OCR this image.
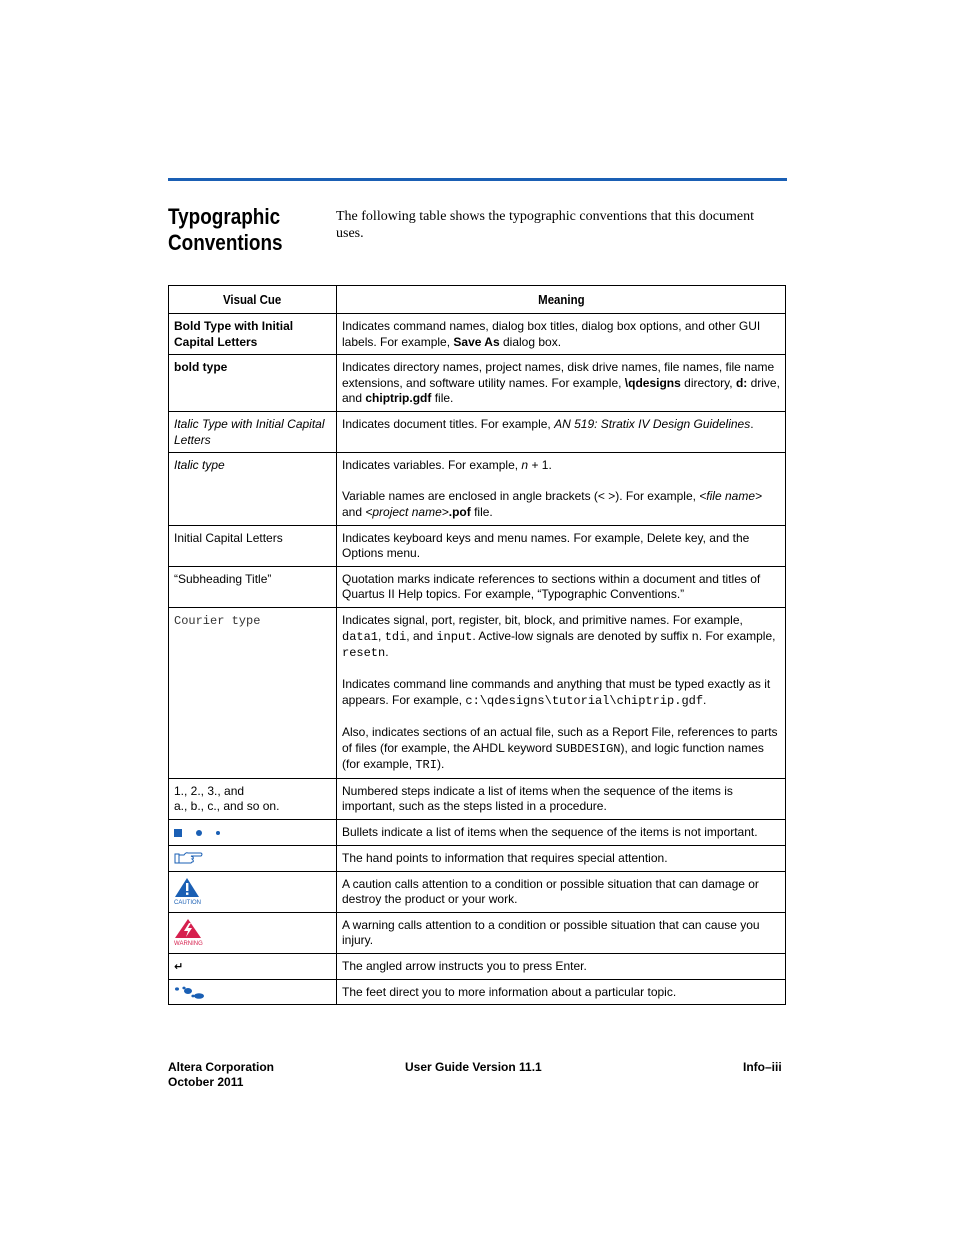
Typographic
Conventions
The following table shows the typographic conventions that this document uses.
Visual Cue	Meaning
Bold Type with Initial Capital Letters	Indicates command names, dialog box titles, dialog box options, and other GUI labels. For example, Save As dialog box.
bold type	Indicates directory names, project names, disk drive names, file names, file name extensions, and software utility names. For example, \qdesigns directory, d: drive, and chiptrip.gdf file.
Italic Type with Initial Capital Letters	Indicates document titles. For example, AN 519: Stratix IV Design Guidelines.
Italic type	Indicates variables. For example, n + 1.
Variable names are enclosed in angle brackets (< >). For example, <file name> and <project name>.pof file.

Initial Capital Letters	Indicates keyboard keys and menu names. For example, Delete key, and the Options menu.
“Subheading Title”	Quotation marks indicate references to sections within a document and titles of Quartus II Help topics. For example, “Typographic Conventions.”
Courier type	Indicates signal, port, register, bit, block, and primitive names. For example, data1, tdi, and input. Active-low signals are denoted by suffix n. For example, resetn.
Indicates command line commands and anything that must be typed exactly as it appears. For example, c:\qdesigns\tutorial\chiptrip.gdf.
Also, indicates sections of an actual file, such as a Report File, references to parts of files (for example, the AHDL keyword SUBDESIGN), and logic function names (for example, TRI).

1., 2., 3., and
a., b., c., and so on.	Numbered steps indicate a list of items when the sequence of the items is important, such as the steps listed in a procedure.

	Bullets indicate a list of items when the sequence of the items is not important.

	The hand points to information that requires special attention.

CAUTION	A caution calls attention to a condition or possible situation that can damage or destroy the product or your work.

WARNING	A warning calls attention to a condition or possible situation that can cause you injury.
↵	The angled arrow instructs you to press Enter.

	The feet direct you to more information about a particular topic.
Altera Corporation
October 2011
User Guide Version 11.1	Info–iii
